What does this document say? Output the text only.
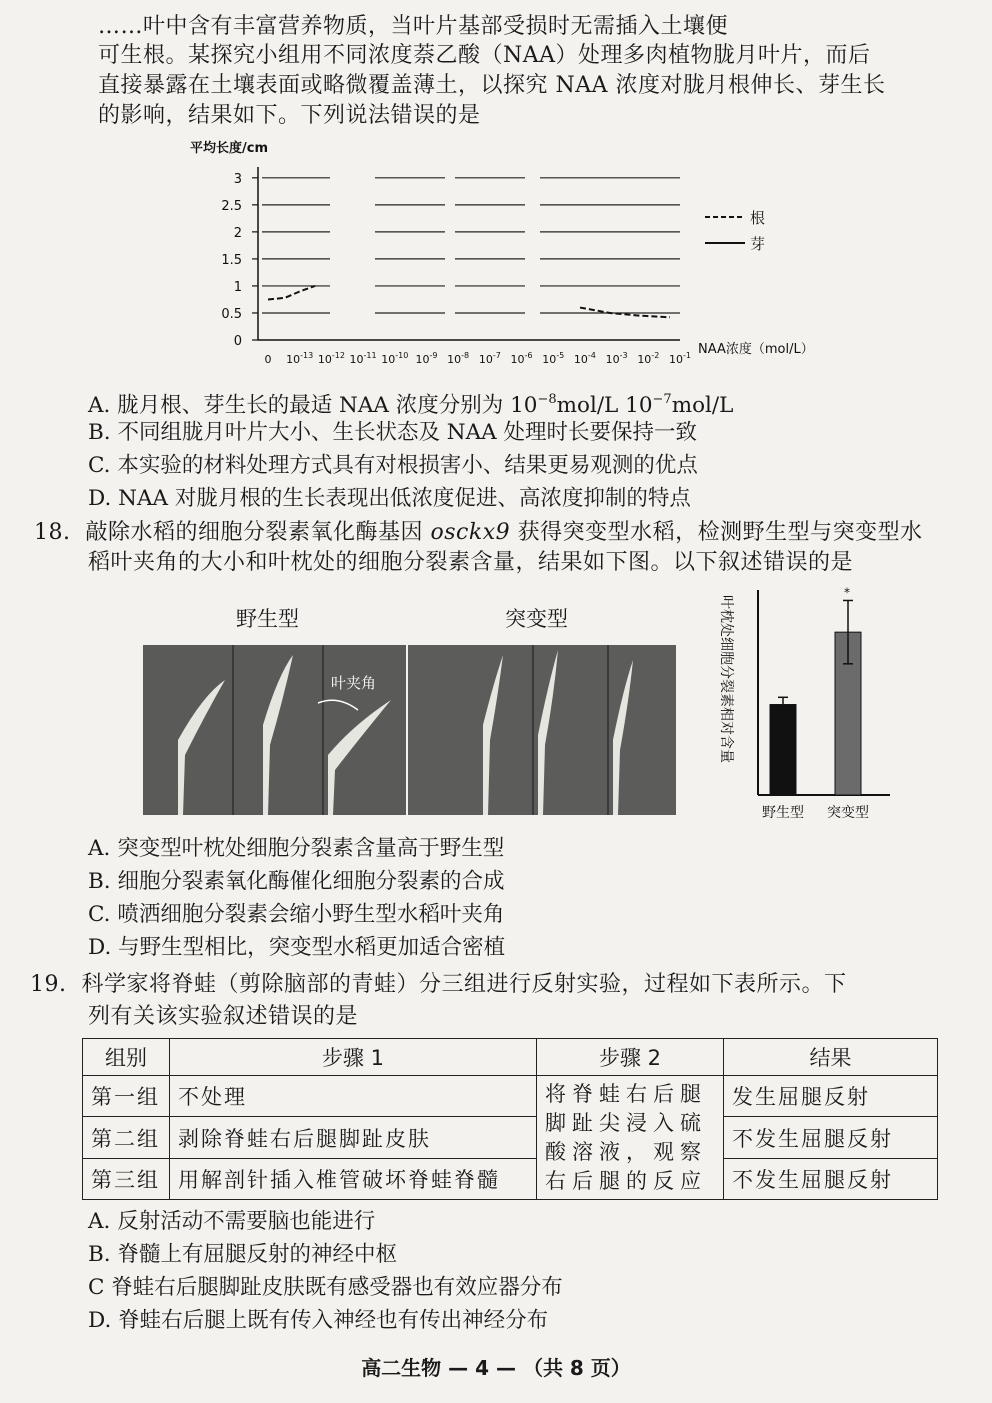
……叶中含有丰富营养物质，当叶片基部受损时无需插入土壤便
可生根。某探究小组用不同浓度萘乙酸（NAA）处理多肉植物胧月叶片，而后
直接暴露在土壤表面或略微覆盖薄土，以探究 NAA 浓度对胧月根伸长、芽生长
的影响，结果如下。下列说法错误的是
平均长度/cm
0
0.5
1
1.5
2
2.5
3
0 $10^{-13}$ $10^{-12}$ $10^{-11}$ $10^{-10}$ $10^{-9}$ $10^{-8}$ $10^{-7}$ $10^{-6}$ $10^{-5}$ $10^{-4}$ $10^{-3}$ $10^{-2}$ $10^{-1}$ NAA浓度（mol/L）
根
芽
A. 胧月根、芽生长的最适 NAA 浓度分别为 $10^{-8}mol/L$ $10^{-7}mol/L$
B. 不同组胧月叶片大小、生长状态及 NAA 处理时长要保持一致
C. 本实验的材料处理方式具有对根损害小、结果更易观测的优点
D. NAA 对胧月根的生长表现出低浓度促进、高浓度抑制的特点
18. 敲除水稻的细胞分裂素氧化酶基因 osckx9 获得突变型水稻，检测野生型与突变型水
稻叶夹角的大小和叶枕处的细胞分裂素含量，结果如下图。以下叙述错误的是
野生型	突变型
叶夹角	叶枕处细胞分裂素相对含量
野生型 突变型
*
A. 突变型叶枕处细胞分裂素含量高于野生型
B. 细胞分裂素氧化酶催化细胞分裂素的合成
C. 喷洒细胞分裂素会缩小野生型水稻叶夹角
D. 与野生型相比，突变型水稻更加适合密植
19. 科学家将脊蛙（剪除脑部的青蛙）分三组进行反射实验，过程如下表所示。下
列有关该实验叙述错误的是
组别	步骤 1	步骤 2	结果
第一组	不处理	将脊蛙右后腿
脚趾尖浸入硫
酸溶液，观察
右后腿的反应	发生屈腿反射
第二组	剥除脊蛙右后腿脚趾皮肤		不发生屈腿反射
第三组	用解剖针插入椎管破坏脊蛙脊髓		不发生屈腿反射
A. 反射活动不需要脑也能进行
B. 脊髓上有屈腿反射的神经中枢
C 脊蛙右后腿脚趾皮肤既有感受器也有效应器分布
D. 脊蛙右后腿上既有传入神经也有传出神经分布
高二生物 — 4 — （共 8 页）
